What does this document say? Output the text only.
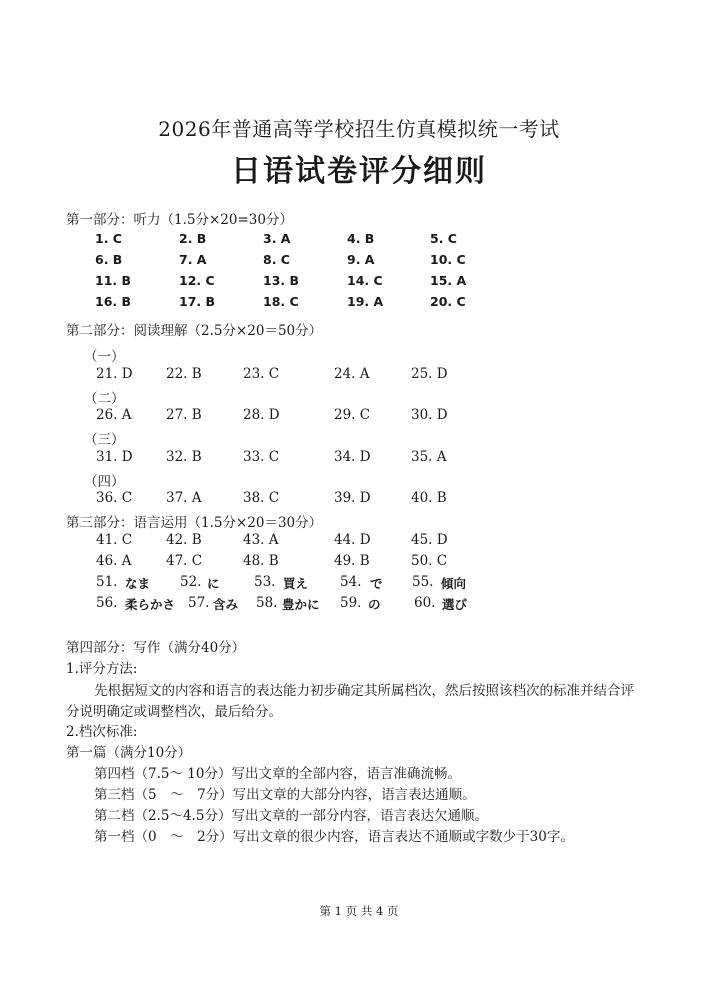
2026年普通高等学校招生仿真模拟统一考试
日语试卷评分细则
第一部分：听力（1.5分×20=30分）
1. C	2. B	3. A	4. B	5. C
6. B	7. A	8. C	9. A	10. C
11. B	12. C	13. B	14. C	15. A
16. B	17. B	18. C	19. A	20. C
第二部分：阅读理解（2.5分×20＝50分）
（一）
21. D 22. B	23. C	24. A	25. D
（二）
26. A	27. B	28. D	29. C	30. D
（三）
31. D 32. B	33. C	34. D	35. A
（四）
36. C	37. A	38. C	39. D	40. B
第三部分：语言运用（1.5分×20＝30分）
41. C	42. B	43. A	44. D	45. D
46. A	47. C	48. B	49. B	50. C
51. なま 52. に	53. 買え 54. で 55. 傾向
56. 柔らかさ 57. 含み 58. 豊かに 59. の 60. 選び
第四部分：写作（满分40分）
1.评分方法:
先根据短文的内容和语言的表达能力初步确定其所属档次，然后按照该档次的标准并结合评
分说明确定或调整档次，最后给分。
2.档次标准:
第一篇（满分10分）
第四档（7.5～ 10分）写出文章的全部内容，语言准确流畅。
第三档（5　～　7分）写出文章的大部分内容，语言表达通顺。
第二档（2.5～4.5分）写出文章的一部分内容，语言表达欠通顺。
第一档（0　～　2分）写出文章的很少内容，语言表达不通顺或字数少于30字。
第 1 页 共 4 页
